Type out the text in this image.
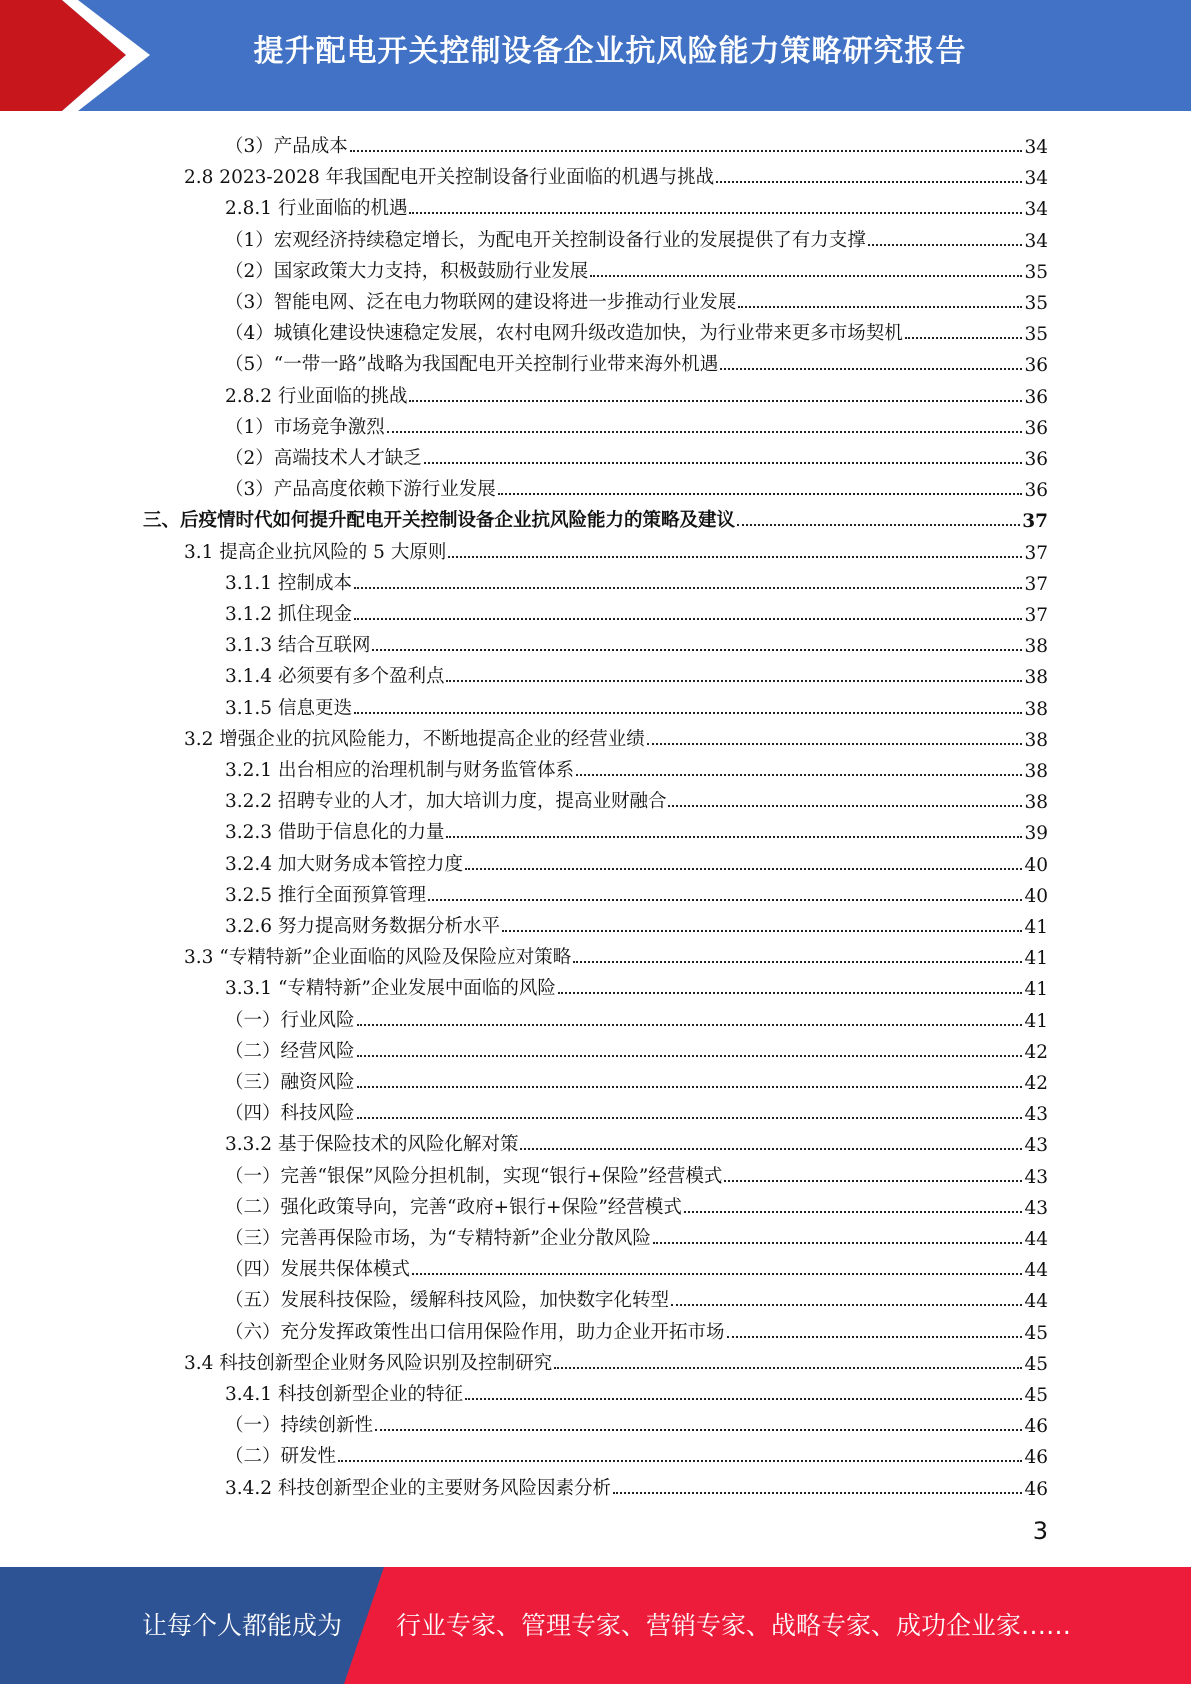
提升配电开关控制设备企业抗风险能力策略研究报告
（3）产品成本	34
2.8 2023-2028 年我国配电开关控制设备行业面临的机遇与挑战	34
2.8.1 行业面临的机遇	34
（1）宏观经济持续稳定增长，为配电开关控制设备行业的发展提供了有力支撑	34
（2）国家政策大力支持，积极鼓励行业发展	35
（3）智能电网、泛在电力物联网的建设将进一步推动行业发展	35
（4）城镇化建设快速稳定发展，农村电网升级改造加快，为行业带来更多市场契机	35
（5）“一带一路”战略为我国配电开关控制行业带来海外机遇	36
2.8.2 行业面临的挑战	36
（1）市场竞争激烈	36
（2）高端技术人才缺乏	36
（3）产品高度依赖下游行业发展	36
三、后疫情时代如何提升配电开关控制设备企业抗风险能力的策略及建议	37
3.1 提高企业抗风险的 5 大原则	37
3.1.1 控制成本	37
3.1.2 抓住现金	37
3.1.3 结合互联网	38
3.1.4 必须要有多个盈利点	38
3.1.5 信息更迭	38
3.2 增强企业的抗风险能力，不断地提高企业的经营业绩	38
3.2.1 出台相应的治理机制与财务监管体系	38
3.2.2 招聘专业的人才，加大培训力度，提高业财融合	38
3.2.3 借助于信息化的力量	39
3.2.4 加大财务成本管控力度	40
3.2.5 推行全面预算管理	40
3.2.6 努力提高财务数据分析水平	41
3.3 “专精特新”企业面临的风险及保险应对策略	41
3.3.1 “专精特新”企业发展中面临的风险	41
（一）行业风险	41
（二）经营风险	42
（三）融资风险	42
（四）科技风险	43
3.3.2 基于保险技术的风险化解对策	43
（一）完善“银保”风险分担机制，实现“银行+保险”经营模式	43
（二）强化政策导向，完善“政府+银行+保险”经营模式	43
（三）完善再保险市场，为“专精特新”企业分散风险	44
（四）发展共保体模式	44
（五）发展科技保险，缓解科技风险，加快数字化转型	44
（六）充分发挥政策性出口信用保险作用，助力企业开拓市场	45
3.4 科技创新型企业财务风险识别及控制研究	45
3.4.1 科技创新型企业的特征	45
（一）持续创新性	46
（二）研发性	46
3.4.2 科技创新型企业的主要财务风险因素分析	46
3
让每个人都能成为 行业专家、管理专家、营销专家、战略专家、成功企业家……
